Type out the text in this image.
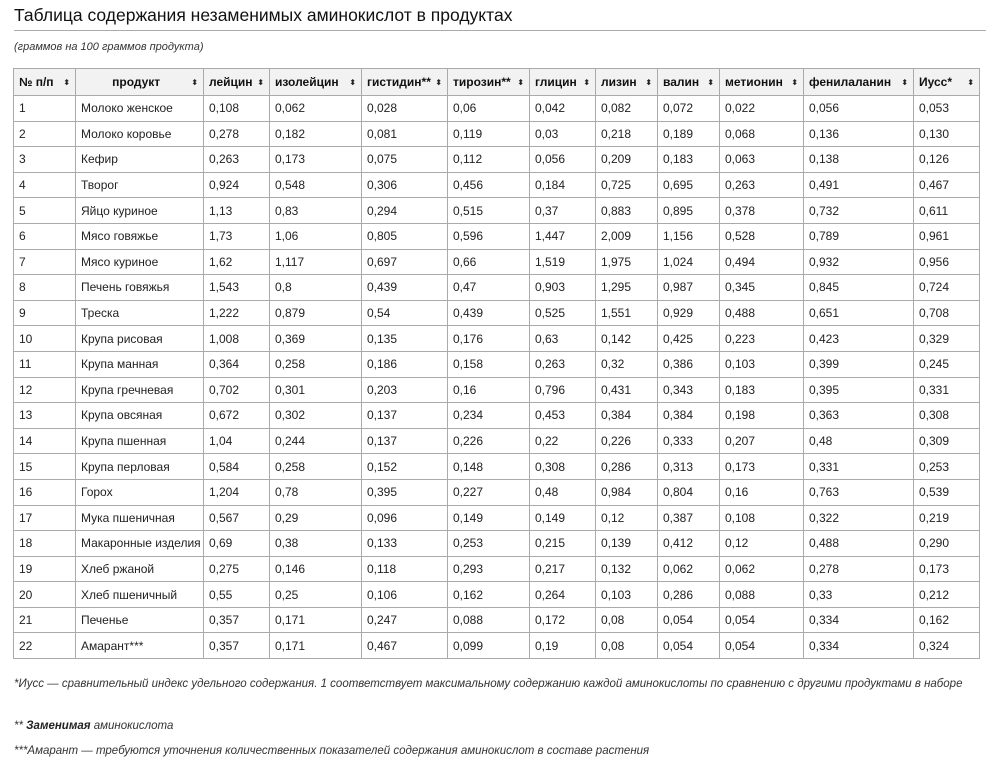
Таблица содержания незаменимых аминокислот в продуктах
(граммов на 100 граммов продукта)
№ п/п ⬍	продукт ⬍	лейцин ⬍	изолейцин ⬍	гистидин** ⬍	тирозин** ⬍	глицин ⬍	лизин ⬍	валин ⬍	метионин ⬍	фенилаланин ⬍	Иусс* ⬍

1	Молоко женское	0,108	0,062	0,028	0,06	0,042	0,082	0,072	0,022	0,056	0,053
2	Молоко коровье	0,278	0,182	0,081	0,119	0,03	0,218	0,189	0,068	0,136	0,130
3	Кефир	0,263	0,173	0,075	0,112	0,056	0,209	0,183	0,063	0,138	0,126
4	Творог	0,924	0,548	0,306	0,456	0,184	0,725	0,695	0,263	0,491	0,467
5	Яйцо куриное	1,13	0,83	0,294	0,515	0,37	0,883	0,895	0,378	0,732	0,611
6	Мясо говяжье	1,73	1,06	0,805	0,596	1,447	2,009	1,156	0,528	0,789	0,961
7	Мясо куриное	1,62	1,117	0,697	0,66	1,519	1,975	1,024	0,494	0,932	0,956
8	Печень говяжья	1,543	0,8	0,439	0,47	0,903	1,295	0,987	0,345	0,845	0,724
9	Треска	1,222	0,879	0,54	0,439	0,525	1,551	0,929	0,488	0,651	0,708
10	Крупа рисовая	1,008	0,369	0,135	0,176	0,63	0,142	0,425	0,223	0,423	0,329
11	Крупа манная	0,364	0,258	0,186	0,158	0,263	0,32	0,386	0,103	0,399	0,245
12	Крупа гречневая	0,702	0,301	0,203	0,16	0,796	0,431	0,343	0,183	0,395	0,331
13	Крупа овсяная	0,672	0,302	0,137	0,234	0,453	0,384	0,384	0,198	0,363	0,308
14	Крупа пшенная	1,04	0,244	0,137	0,226	0,22	0,226	0,333	0,207	0,48	0,309
15	Крупа перловая	0,584	0,258	0,152	0,148	0,308	0,286	0,313	0,173	0,331	0,253
16	Горох	1,204	0,78	0,395	0,227	0,48	0,984	0,804	0,16	0,763	0,539
17	Мука пшеничная	0,567	0,29	0,096	0,149	0,149	0,12	0,387	0,108	0,322	0,219
18	Макаронные изделия	0,69	0,38	0,133	0,253	0,215	0,139	0,412	0,12	0,488	0,290
19	Хлеб ржаной	0,275	0,146	0,118	0,293	0,217	0,132	0,062	0,062	0,278	0,173
20	Хлеб пшеничный	0,55	0,25	0,106	0,162	0,264	0,103	0,286	0,088	0,33	0,212
21	Печенье	0,357	0,171	0,247	0,088	0,172	0,08	0,054	0,054	0,334	0,162
22	Амарант***	0,357	0,171	0,467	0,099	0,19	0,08	0,054	0,054	0,334	0,324
*Иусс — сравнительный индекс удельного содержания. 1 соответствует максимальному содержанию каждой аминокислоты по сравнению с другими продуктами в наборе
** Заменимая аминокислота
***Амарант — требуются уточнения количественных показателей содержания аминокислот в составе растения
